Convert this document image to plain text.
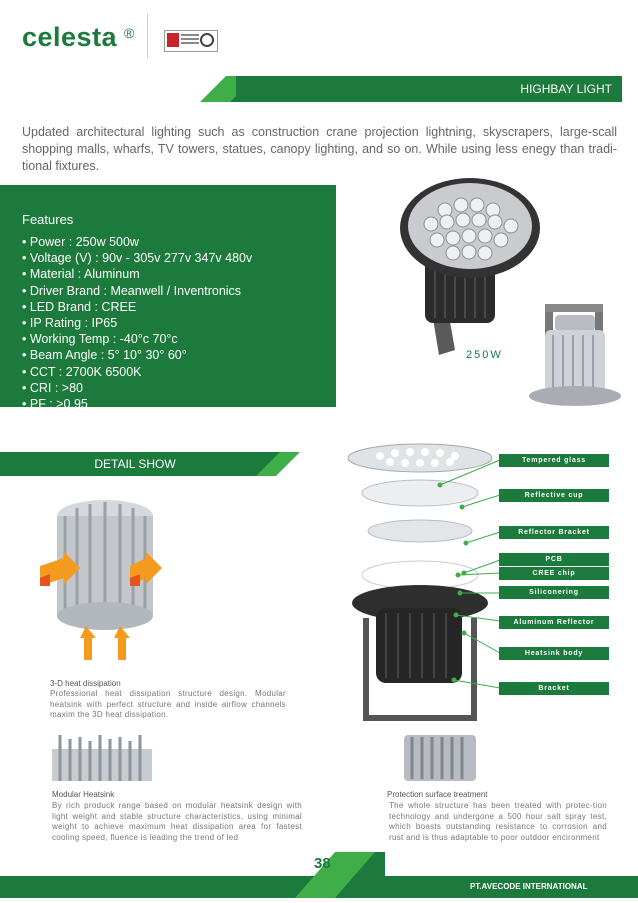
celesta ®
HIGHBAY LIGHT
Updated architectural lighting such as construction crane projection lightning, skyscrapers, large-scall shopping malls, wharfs, TV towers, statues, canopy lighting, and so on. While using less enegy than tradi-tional fixtures.
Features
• Power : 250w 500w
• Voltage (V) : 90v - 305v 277v 347v 480v
• Material : Aluminum
• Driver Brand : Meanwell / Inventronics
• LED Brand : CREE
• IP Rating : IP65
• Working Temp : -40°c 70°c
• Beam Angle : 5° 10° 30° 60°
• CCT : 2700K 6500K
• CRI : >80
• PF : >0.95
250W
DETAIL SHOW	Tempered glass
Reflective cup
Reflector Bracket
PCB
CREE chip
Siliconering
Aluminum Reflector
Heatsink body
Bracket
3-D heat dissipation
Professional heat dissipation structure design. Modular heatsink with perfect structure and inside airflow channels maxim the 3D heat dissipation.
Modular Heatsink
By rich produck range based on modular heatsink design with light weight and stable structure characteristics, using minimal weight to achieve maximum heat dissipation area for fastest cooling speed, fluence is leading the trend of led
Protection surface treatment
The whole structure has been treated with protec-tion technology and undergone a 500 hour salt spray test, which boasts outstanding resistance to corrosion and rust and is thus adaptable to poor outdoor encironment
38
PT.AVECODE INTERNATIONAL
